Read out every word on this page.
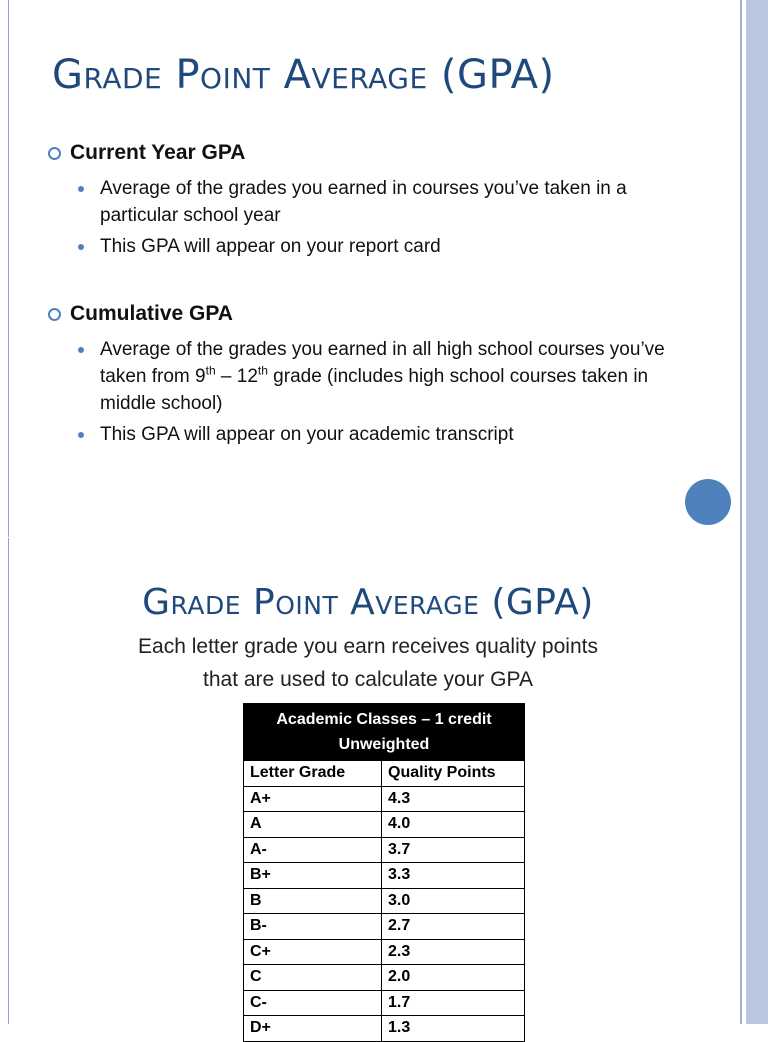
Grade Point Average (GPA)
Current Year GPA
Average of the grades you earned in courses you’ve taken in a particular school year
This GPA will appear on your report card
Cumulative GPA
Average of the grades you earned in all high school courses you’ve taken from 9th – 12th grade (includes high school courses taken in middle school)
This GPA will appear on your academic transcript
Grade Point Average (GPA)
Each letter grade you earn receives quality points
that are used to calculate your GPA
Academic Classes – 1 credit
Unweighted	

Letter Grade	Quality Points
A+	4.3
A	4.0
A-	3.7
B+	3.3
B	3.0
B-	2.7
C+	2.3
C	2.0
C-	1.7
D+	1.3
